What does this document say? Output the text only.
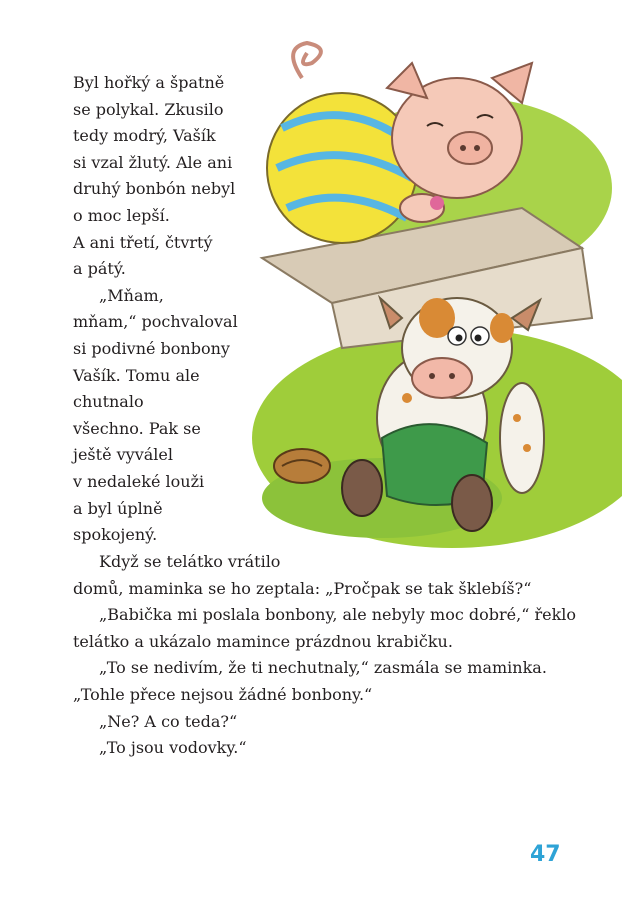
Byl hořký a špatně
se polykal. Zkusilo
tedy modrý, Vašík
si vzal žlutý. Ale ani
druhý bonbón nebyl
o moc lepší.
A ani třetí, čtvrtý
a pátý.
„Mňam,
mňam,“ pochvaloval
si podivné bonbony
Vašík. Tomu ale
chutnalo
všechno. Pak se
ještě vyválel
v nedaleké louži
a byl úplně
spokojený.
Když se telátko vrátilo
domů, maminka se ho zeptala: „Pročpak se tak šklebíš?“
„Babička mi poslala bonbony, ale nebyly moc dobré,“ řeklo
telátko a ukázalo mamince prázdnou krabičku.
„To se nedivím, že ti nechutnaly,“ zasmála se maminka.
„Tohle přece nejsou žádné bonbony.“
„Ne? A co teda?“
„To jsou vodovky.“
47
